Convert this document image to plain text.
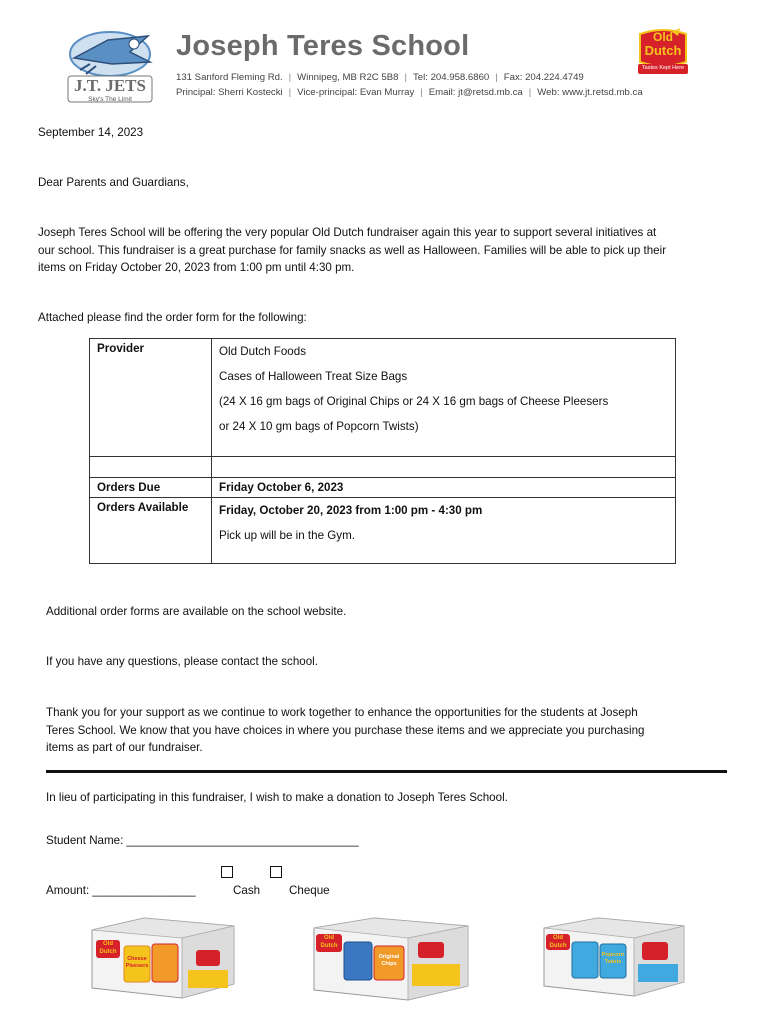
J.T. JETS
Sky's The Limit
Joseph Teres School
131 Sanford Fleming Rd. | Winnipeg, MB R2C 5B8 | Tel: 204.958.6860 | Fax: 204.224.4749
Principal: Sherri Kostecki | Vice-principal: Evan Murray | Email: jt@retsd.mb.ca | Web: www.jt.retsd.mb.ca
Old
Dutch
Tastes Kept Here
September 14, 2023
Dear Parents and Guardians,
Joseph Teres School will be offering the very popular Old Dutch fundraiser again this year to support several initiatives at
our school. This fundraiser is a great purchase for family snacks as well as Halloween. Families will be able to pick up their
items on Friday October 20, 2023 from 1:00 pm until 4:30 pm.
Attached please find the order form for the following:
Provider	Old Dutch Foods
Cases of Halloween Treat Size Bags
(24 X 16 gm bags of Original Chips or 24 X 16 gm bags of Cheese Pleesers
or 24 X 10 gm bags of Popcorn Twists)

Orders Due	Friday October 6, 2023
Orders Available	Friday, October 20, 2023 from 1:00 pm - 4:30 pm
Pick up will be in the Gym.
Additional order forms are available on the school website.
If you have any questions, please contact the school.
Thank you for your support as we continue to work together to enhance the opportunities for the students at Joseph
Teres School. We know that you have choices in where you purchase these items and we appreciate you purchasing
items as part of our fundraiser.
In lieu of participating in this fundraiser, I wish to make a donation to Joseph Teres School.
Student Name: ____________________________________
Amount: ________________	Cash Cheque
Old Dutch
Cheese Pleesers
Old Dutch
Original Chips
Old Dutch
Popcorn Twists
